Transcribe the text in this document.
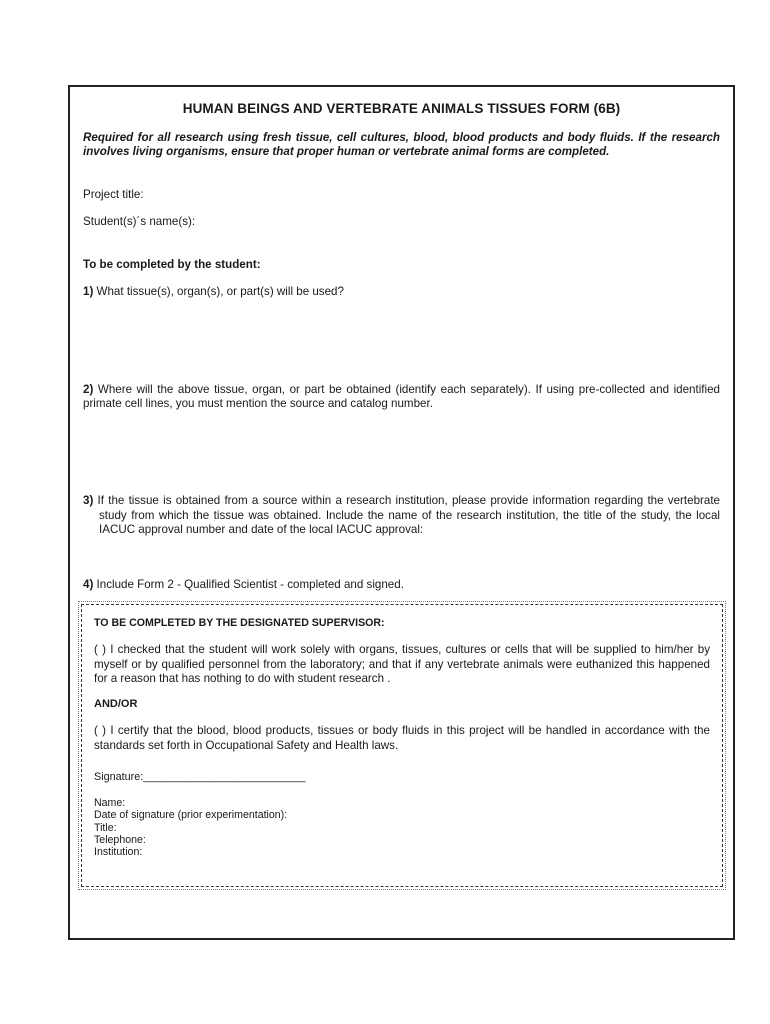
HUMAN BEINGS AND VERTEBRATE ANIMALS TISSUES FORM (6B)

Required for all research using fresh tissue, cell cultures, blood, blood products and body fluids. If the research involves living organisms, ensure that proper human or vertebrate animal forms are completed.

Project title:

Student(s)´s name(s):

To be completed by the student:

1) What tissue(s), organ(s), or part(s) will be used?

2) Where will the above tissue, organ, or part be obtained (identify each separately). If using pre-collected and identified primate cell lines, you must mention the source and catalog number.

3) If the tissue is obtained from a source within a research institution, please provide information regarding the vertebrate study from which the tissue was obtained. Include the name of the research institution, the title of the study, the local IACUC approval number and date of the local IACUC approval:

4) Include Form 2 - Qualified Scientist - completed and signed.

TO BE COMPLETED BY THE DESIGNATED SUPERVISOR:

( ) I checked that the student will work solely with organs, tissues, cultures or cells that will be supplied to him/her by myself or by qualified personnel from the laboratory; and that if any vertebrate animals were euthanized this happened for a reason that has nothing to do with student research .

AND/OR

( ) I certify that the blood, blood products, tissues or body fluids in this project will be handled in accordance with the standards set forth in Occupational Safety and Health laws.

Signature:___________________________

Name:
Date of signature (prior experimentation):
Title:
Telephone:
Institution:
